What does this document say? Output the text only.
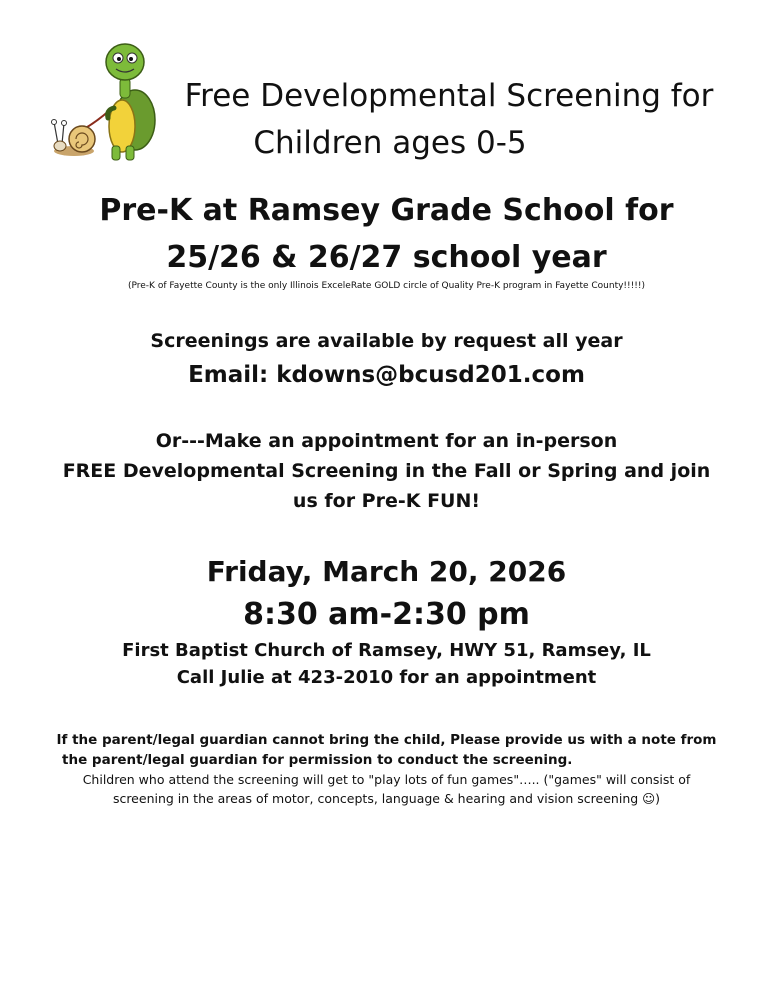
Free Developmental Screening for
Children ages 0-5
Pre-K at Ramsey Grade School for
25/26 & 26/27 school year
(Pre-K of Fayette County is the only Illinois ExceleRate GOLD circle of Quality Pre-K program in Fayette County!!!!!)
Screenings are available by request all year
Email: kdowns@bcusd201.com
Or---Make an appointment for an in-person
FREE Developmental Screening in the Fall or Spring and join
us for Pre-K FUN!
Friday, March 20, 2026
8:30 am-2:30 pm
First Baptist Church of Ramsey, HWY 51, Ramsey, IL
Call Julie at 423-2010 for an appointment
If the parent/legal guardian cannot bring the child, Please provide us with a note from
the parent/legal guardian for permission to conduct the screening.
Children who attend the screening will get to "play lots of fun games"….. ("games" will consist of
screening in the areas of motor, concepts, language & hearing and vision screening ☺)
